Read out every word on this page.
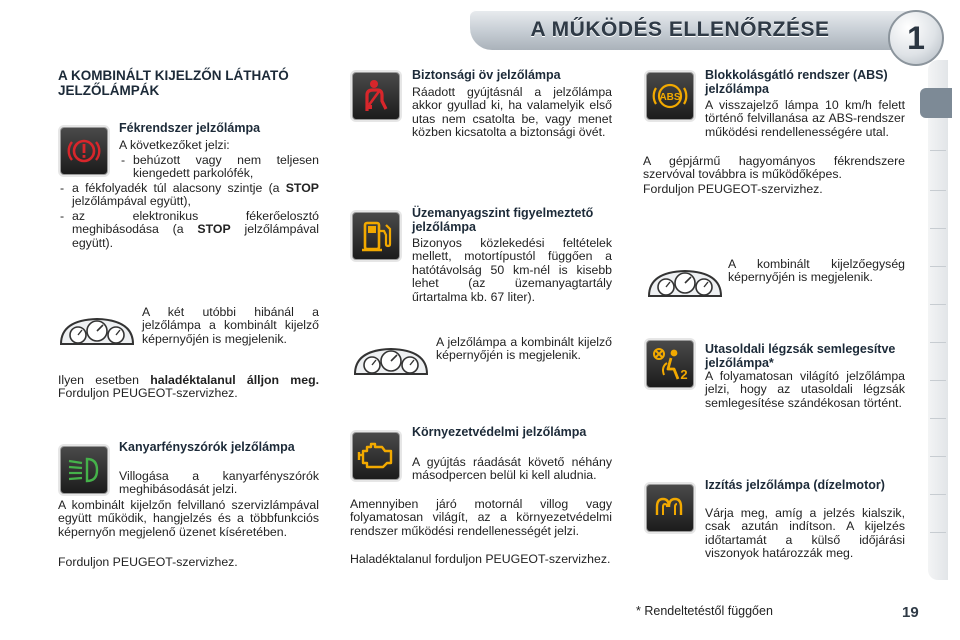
A MŰKÖDÉS ELLENŐRZÉSE	1
A KOMBINÁLT KIJELZŐN LÁTHATÓ JELZŐLÁMPÁK
Fékrendszer jelzőlámpa
A következőket jelzi:
- behúzott vagy nem teljesen kiengedett parkolófék,
- a fékfolyadék túl alacsony szintje (a STOP jelzőlámpával együtt),
- az elektronikus fékerőelosztó meghibásodása (a STOP jelzőlámpával együtt).
A két utóbbi hibánál a jelzőlámpa a kombinált kijelző képernyőjén is megjelenik.
Ilyen esetben haladéktalanul álljon meg. Forduljon PEUGEOT-szervizhez.
Kanyarfényszórók jelzőlámpa
Villogása a kanyarfényszórók meghibásodását jelzi.
A kombinált kijelzőn felvillanó szervizlámpával együtt működik, hangjelzés és a többfunkciós képernyőn megjelenő üzenet kíséretében.
Forduljon PEUGEOT-szervizhez.
Biztonsági öv jelzőlámpa
Ráadott gyújtásnál a jelzőlámpa akkor gyullad ki, ha valamelyik első utas nem csatolta be, vagy menet közben kicsatolta a biztonsági övét.
Üzemanyagszint figyelmeztető jelzőlámpa
Bizonyos közlekedési feltételek mellett, motortípustól függően a hatótávolság 50 km-nél is kisebb lehet (az üzemanyagtartály űrtartalma kb. 67 liter).
A jelzőlámpa a kombinált kijelző képernyőjén is megjelenik.
Környezetvédelmi jelzőlámpa
A gyújtás ráadását követő néhány másodpercen belül ki kell aludnia.
Amennyiben járó motornál villog vagy folyamatosan világít, az a környezetvédelmi rendszer működési rendellenességét jelzi.
Haladéktalanul forduljon PEUGEOT-szervizhez.
ABS
Blokkolásgátló rendszer (ABS) jelzőlámpa
A visszajelző lámpa 10 km/h felett történő felvillanása az ABS-rendszer működési rendellenességére utal.
A gépjármű hagyományos fékrendszere szervóval továbbra is működőképes.
Forduljon PEUGEOT-szervizhez.
A kombinált kijelzőegység képernyőjén is megjelenik.
2
Utasoldali légzsák semlegesítve jelzőlámpa*
A folyamatosan világító jelzőlámpa jelzi, hogy az utasoldali légzsák semlegesítése szándékosan történt.
Izzítás jelzőlámpa (dízelmotor)
Várja meg, amíg a jelzés kialszik, csak azután indítson. A kijelzés időtartamát a külső időjárási viszonyok határozzák meg.
* Rendeltetéstől függően	19
